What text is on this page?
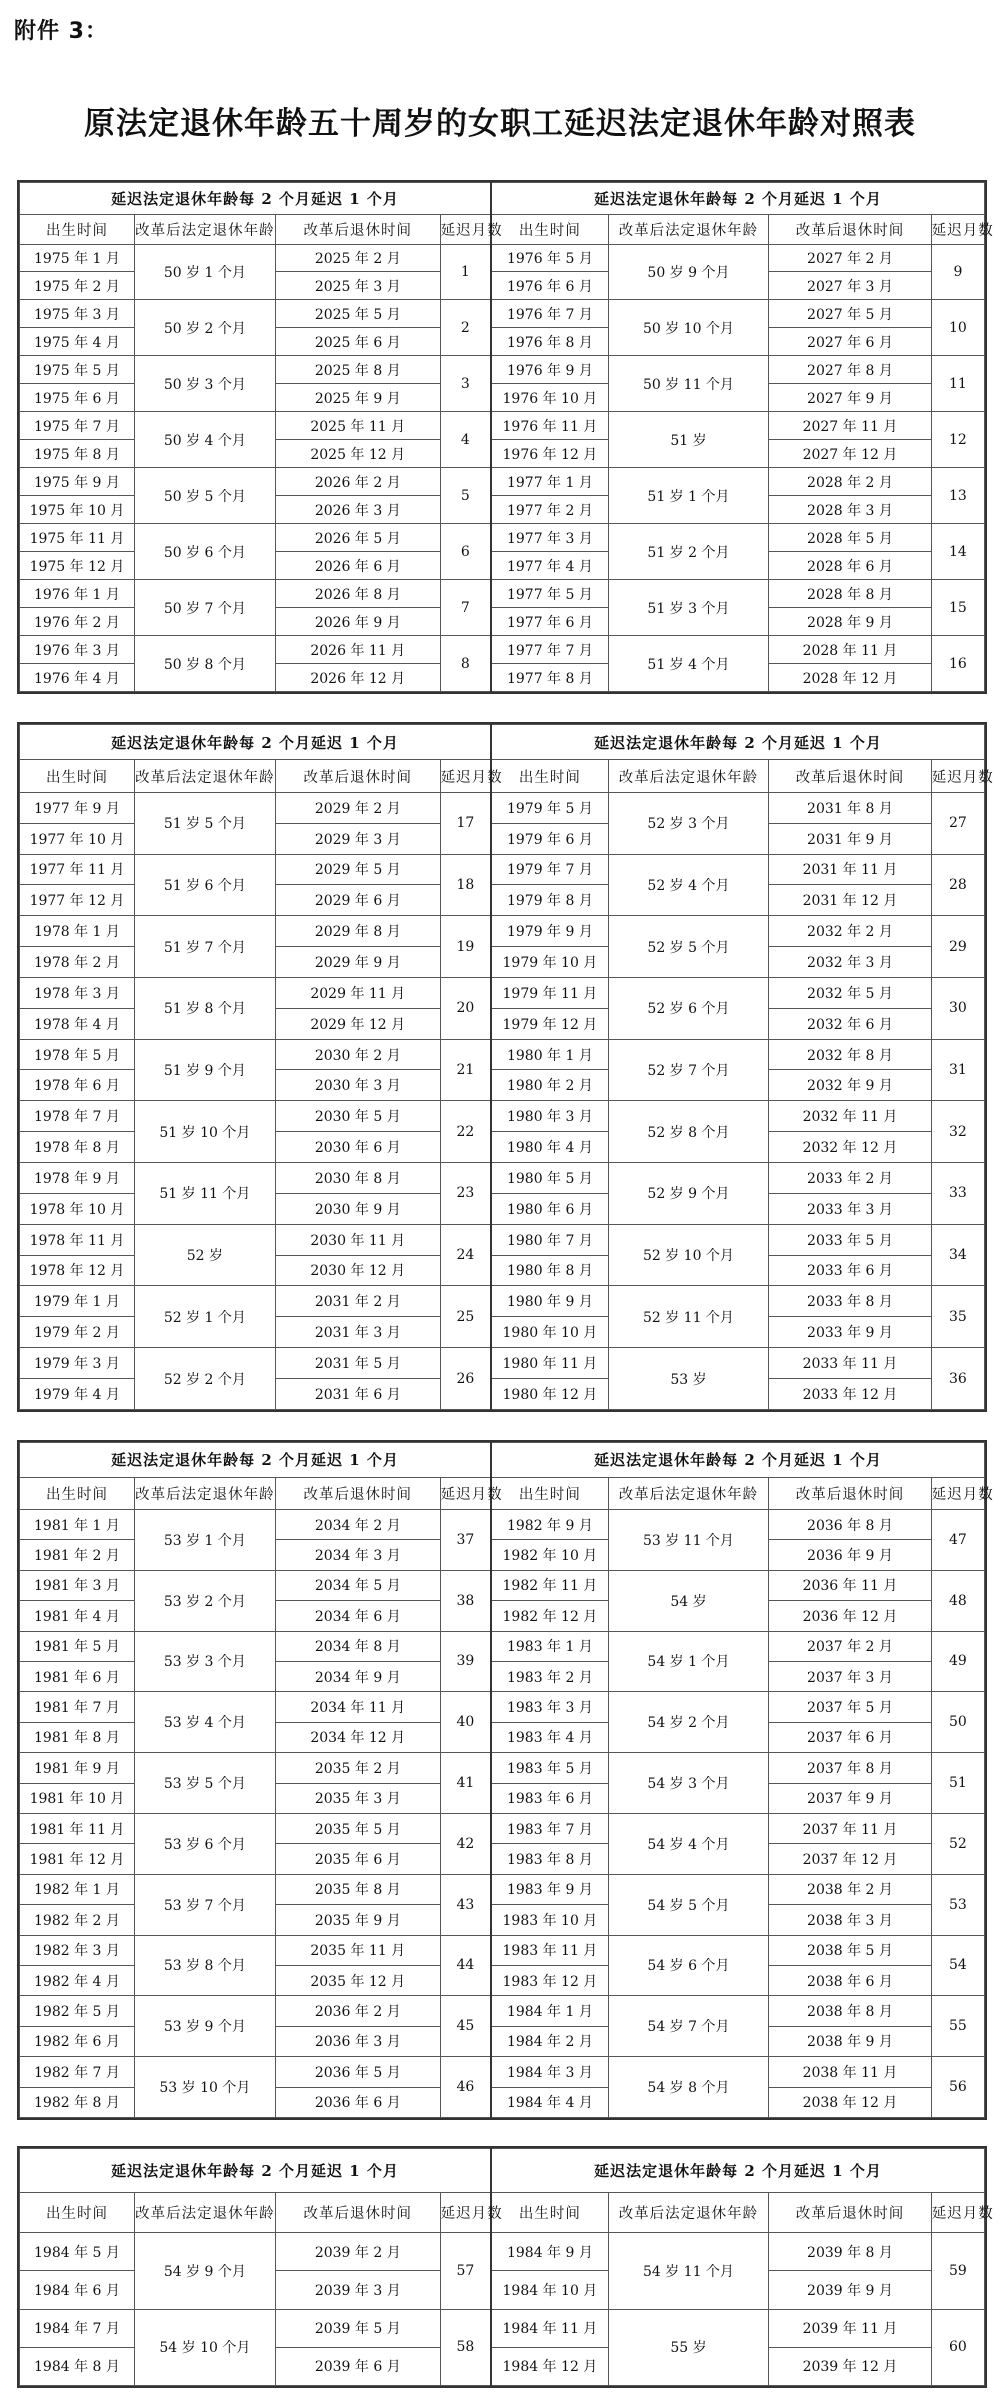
附件 3：
原法定退休年龄五十周岁的女职工延迟法定退休年龄对照表
延迟法定退休年龄每 2 个月延迟 1 个月				延迟法定退休年龄每 2 个月延迟 1 个月			
出生时间	改革后法定退休年龄	改革后退休时间	延迟月数	出生时间	改革后法定退休年龄	改革后退休时间	延迟月数
1975 年 1 月	50 岁 1 个月	2025 年 2 月	1	1976 年 5 月	50 岁 9 个月	2027 年 2 月	9
1975 年 2 月		2025 年 3 月		1976 年 6 月		2027 年 3 月	
1975 年 3 月	50 岁 2 个月	2025 年 5 月	2	1976 年 7 月	50 岁 10 个月	2027 年 5 月	10
1975 年 4 月		2025 年 6 月		1976 年 8 月		2027 年 6 月	
1975 年 5 月	50 岁 3 个月	2025 年 8 月	3	1976 年 9 月	50 岁 11 个月	2027 年 8 月	11
1975 年 6 月		2025 年 9 月		1976 年 10 月		2027 年 9 月	
1975 年 7 月	50 岁 4 个月	2025 年 11 月	4	1976 年 11 月	51 岁	2027 年 11 月	12
1975 年 8 月		2025 年 12 月		1976 年 12 月		2027 年 12 月	
1975 年 9 月	50 岁 5 个月	2026 年 2 月	5	1977 年 1 月	51 岁 1 个月	2028 年 2 月	13
1975 年 10 月		2026 年 3 月		1977 年 2 月		2028 年 3 月	
1975 年 11 月	50 岁 6 个月	2026 年 5 月	6	1977 年 3 月	51 岁 2 个月	2028 年 5 月	14
1975 年 12 月		2026 年 6 月		1977 年 4 月		2028 年 6 月	
1976 年 1 月	50 岁 7 个月	2026 年 8 月	7	1977 年 5 月	51 岁 3 个月	2028 年 8 月	15
1976 年 2 月		2026 年 9 月		1977 年 6 月		2028 年 9 月	
1976 年 3 月	50 岁 8 个月	2026 年 11 月	8	1977 年 7 月	51 岁 4 个月	2028 年 11 月	16
1976 年 4 月		2026 年 12 月		1977 年 8 月		2028 年 12 月	
延迟法定退休年龄每 2 个月延迟 1 个月				延迟法定退休年龄每 2 个月延迟 1 个月			
出生时间	改革后法定退休年龄	改革后退休时间	延迟月数	出生时间	改革后法定退休年龄	改革后退休时间	延迟月数
1977 年 9 月	51 岁 5 个月	2029 年 2 月	17	1979 年 5 月	52 岁 3 个月	2031 年 8 月	27
1977 年 10 月		2029 年 3 月		1979 年 6 月		2031 年 9 月	
1977 年 11 月	51 岁 6 个月	2029 年 5 月	18	1979 年 7 月	52 岁 4 个月	2031 年 11 月	28
1977 年 12 月		2029 年 6 月		1979 年 8 月		2031 年 12 月	
1978 年 1 月	51 岁 7 个月	2029 年 8 月	19	1979 年 9 月	52 岁 5 个月	2032 年 2 月	29
1978 年 2 月		2029 年 9 月		1979 年 10 月		2032 年 3 月	
1978 年 3 月	51 岁 8 个月	2029 年 11 月	20	1979 年 11 月	52 岁 6 个月	2032 年 5 月	30
1978 年 4 月		2029 年 12 月		1979 年 12 月		2032 年 6 月	
1978 年 5 月	51 岁 9 个月	2030 年 2 月	21	1980 年 1 月	52 岁 7 个月	2032 年 8 月	31
1978 年 6 月		2030 年 3 月		1980 年 2 月		2032 年 9 月	
1978 年 7 月	51 岁 10 个月	2030 年 5 月	22	1980 年 3 月	52 岁 8 个月	2032 年 11 月	32
1978 年 8 月		2030 年 6 月		1980 年 4 月		2032 年 12 月	
1978 年 9 月	51 岁 11 个月	2030 年 8 月	23	1980 年 5 月	52 岁 9 个月	2033 年 2 月	33
1978 年 10 月		2030 年 9 月		1980 年 6 月		2033 年 3 月	
1978 年 11 月	52 岁	2030 年 11 月	24	1980 年 7 月	52 岁 10 个月	2033 年 5 月	34
1978 年 12 月		2030 年 12 月		1980 年 8 月		2033 年 6 月	
1979 年 1 月	52 岁 1 个月	2031 年 2 月	25	1980 年 9 月	52 岁 11 个月	2033 年 8 月	35
1979 年 2 月		2031 年 3 月		1980 年 10 月		2033 年 9 月	
1979 年 3 月	52 岁 2 个月	2031 年 5 月	26	1980 年 11 月	53 岁	2033 年 11 月	36
1979 年 4 月		2031 年 6 月		1980 年 12 月		2033 年 12 月	
延迟法定退休年龄每 2 个月延迟 1 个月				延迟法定退休年龄每 2 个月延迟 1 个月			
出生时间	改革后法定退休年龄	改革后退休时间	延迟月数	出生时间	改革后法定退休年龄	改革后退休时间	延迟月数
1981 年 1 月	53 岁 1 个月	2034 年 2 月	37	1982 年 9 月	53 岁 11 个月	2036 年 8 月	47
1981 年 2 月		2034 年 3 月		1982 年 10 月		2036 年 9 月	
1981 年 3 月	53 岁 2 个月	2034 年 5 月	38	1982 年 11 月	54 岁	2036 年 11 月	48
1981 年 4 月		2034 年 6 月		1982 年 12 月		2036 年 12 月	
1981 年 5 月	53 岁 3 个月	2034 年 8 月	39	1983 年 1 月	54 岁 1 个月	2037 年 2 月	49
1981 年 6 月		2034 年 9 月		1983 年 2 月		2037 年 3 月	
1981 年 7 月	53 岁 4 个月	2034 年 11 月	40	1983 年 3 月	54 岁 2 个月	2037 年 5 月	50
1981 年 8 月		2034 年 12 月		1983 年 4 月		2037 年 6 月	
1981 年 9 月	53 岁 5 个月	2035 年 2 月	41	1983 年 5 月	54 岁 3 个月	2037 年 8 月	51
1981 年 10 月		2035 年 3 月		1983 年 6 月		2037 年 9 月	
1981 年 11 月	53 岁 6 个月	2035 年 5 月	42	1983 年 7 月	54 岁 4 个月	2037 年 11 月	52
1981 年 12 月		2035 年 6 月		1983 年 8 月		2037 年 12 月	
1982 年 1 月	53 岁 7 个月	2035 年 8 月	43	1983 年 9 月	54 岁 5 个月	2038 年 2 月	53
1982 年 2 月		2035 年 9 月		1983 年 10 月		2038 年 3 月	
1982 年 3 月	53 岁 8 个月	2035 年 11 月	44	1983 年 11 月	54 岁 6 个月	2038 年 5 月	54
1982 年 4 月		2035 年 12 月		1983 年 12 月		2038 年 6 月	
1982 年 5 月	53 岁 9 个月	2036 年 2 月	45	1984 年 1 月	54 岁 7 个月	2038 年 8 月	55
1982 年 6 月		2036 年 3 月		1984 年 2 月		2038 年 9 月	
1982 年 7 月	53 岁 10 个月	2036 年 5 月	46	1984 年 3 月	54 岁 8 个月	2038 年 11 月	56
1982 年 8 月		2036 年 6 月		1984 年 4 月		2038 年 12 月	
延迟法定退休年龄每 2 个月延迟 1 个月				延迟法定退休年龄每 2 个月延迟 1 个月			
出生时间	改革后法定退休年龄	改革后退休时间	延迟月数	出生时间	改革后法定退休年龄	改革后退休时间	延迟月数
1984 年 5 月	54 岁 9 个月	2039 年 2 月	57	1984 年 9 月	54 岁 11 个月	2039 年 8 月	59
1984 年 6 月		2039 年 3 月		1984 年 10 月		2039 年 9 月	
1984 年 7 月	54 岁 10 个月	2039 年 5 月	58	1984 年 11 月	55 岁	2039 年 11 月	60
1984 年 8 月		2039 年 6 月		1984 年 12 月		2039 年 12 月	
